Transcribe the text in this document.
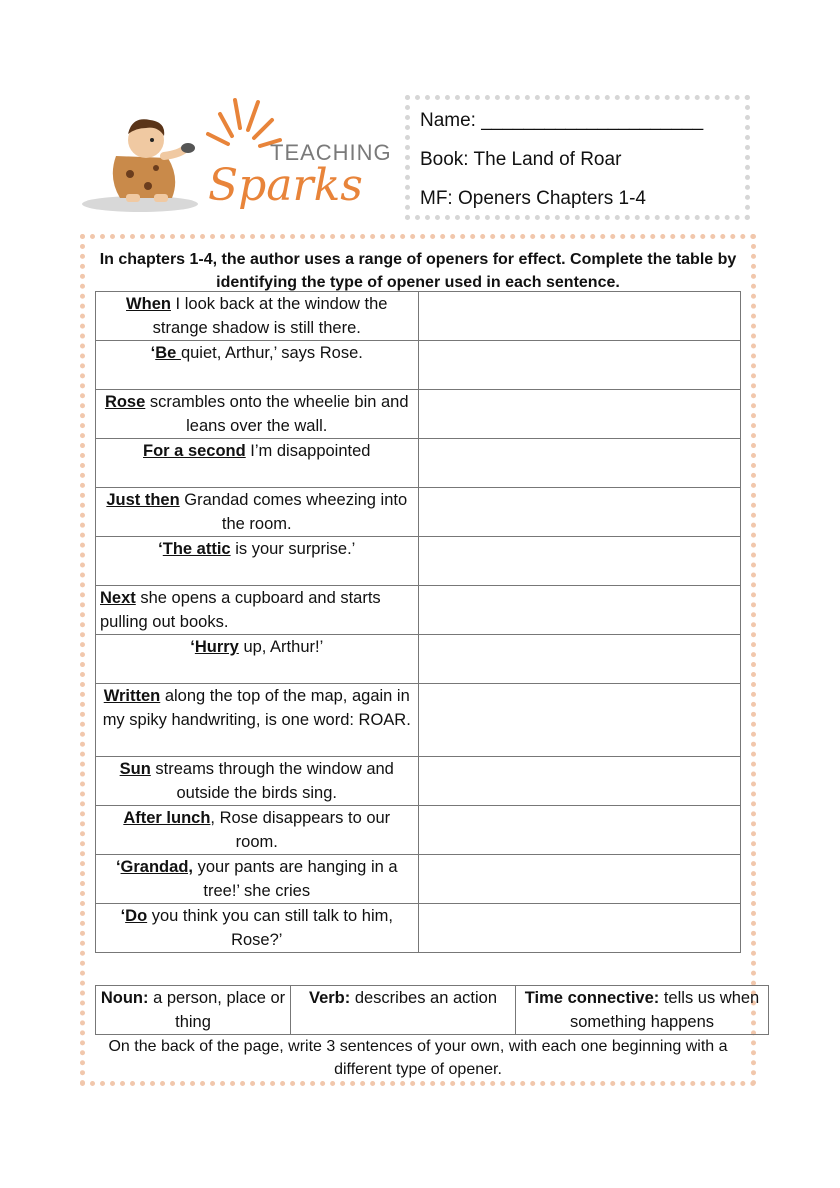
TEACHING
Sparks
Name: _____________________
Book: The Land of Roar
MF: Openers Chapters 1-4
In chapters 1-4, the author uses a range of openers for effect. Complete the table by identifying the type of opener used in each sentence.
When I look back at the window the strange shadow is still there.	
‘Be quiet, Arthur,’ says Rose.	
Rose scrambles onto the wheelie bin and leans over the wall.	
For a second I’m disappointed	
Just then Grandad comes wheezing into the room.	
‘The attic is your surprise.’	
Next she opens a cupboard and starts pulling out books.	
‘Hurry up, Arthur!’	
Written along the top of the map, again in my spiky handwriting, is one word: ROAR.	
Sun streams through the window and outside the birds sing.	
After lunch, Rose disappears to our room.	
‘Grandad, your pants are hanging in a tree!’ she cries	
‘Do you think you can still talk to him, Rose?’	
Noun: a person, place or thing	Verb: describes an action	Time connective: tells us when something happens
On the back of the page, write 3 sentences of your own, with each one beginning with a different type of opener.
